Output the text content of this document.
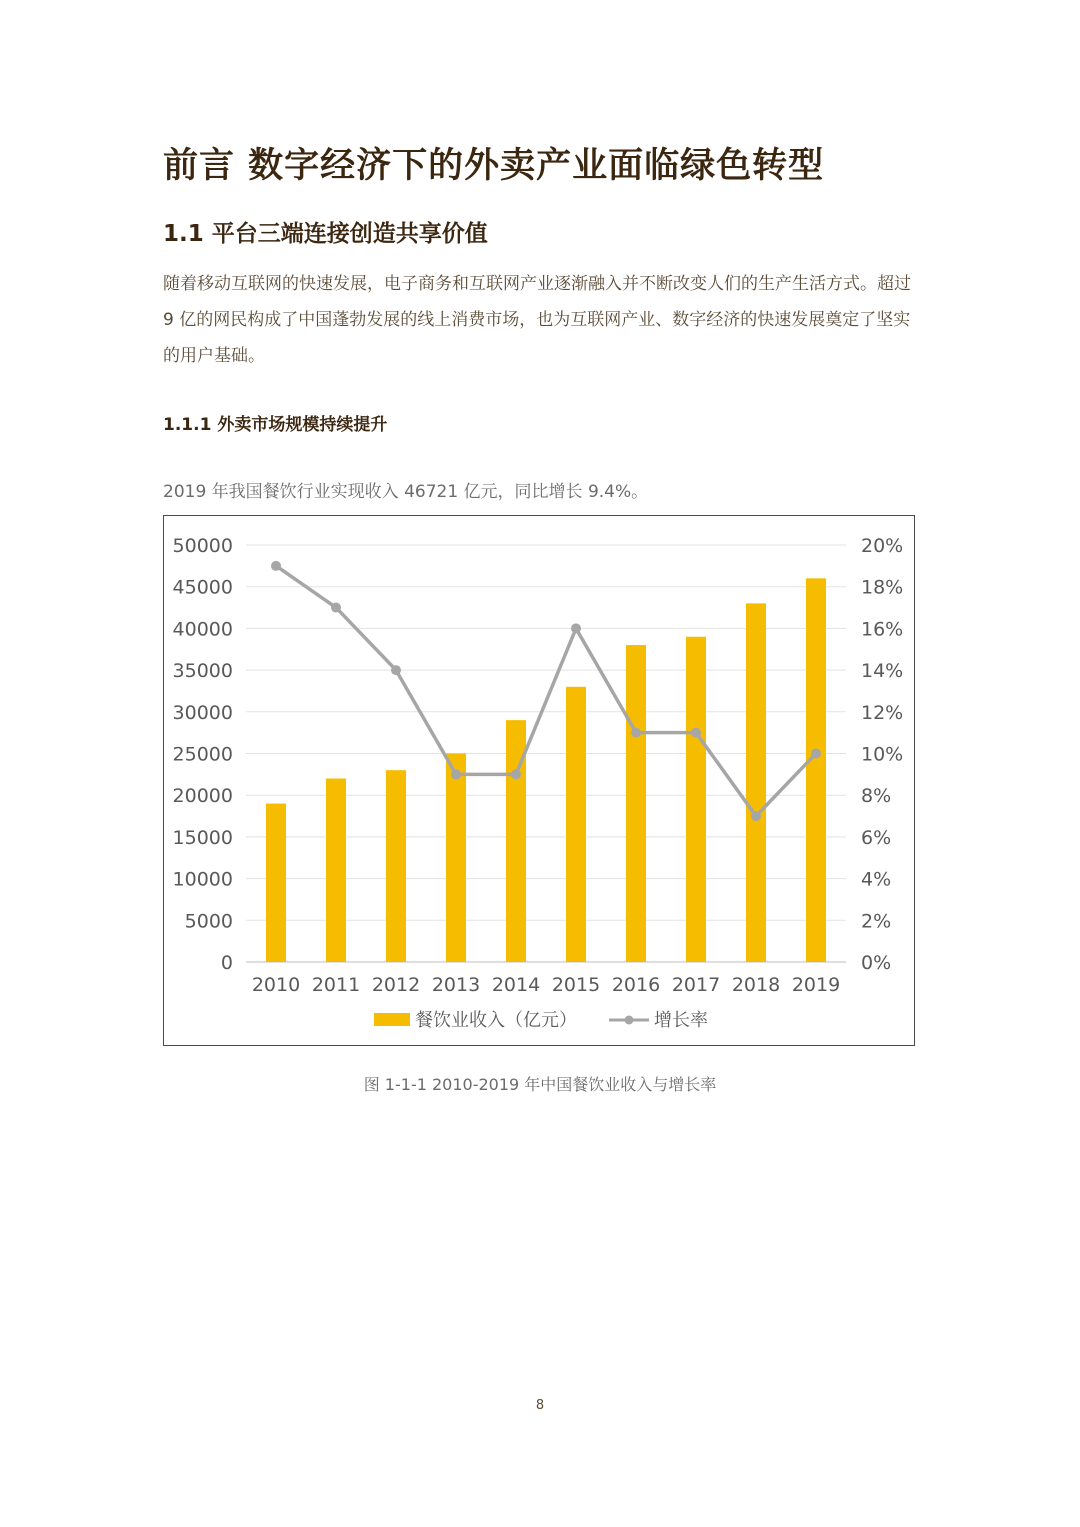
前言 数字经济下的外卖产业面临绿色转型
1.1 平台三端连接创造共享价值
随着移动互联网的快速发展，电子商务和互联网产业逐渐融入并不断改变人们的生产生活方式。超过 9 亿的网民构成了中国蓬勃发展的线上消费市场，也为互联网产业、数字经济的快速发展奠定了坚实的用户基础。
1.1.1 外卖市场规模持续提升
2019 年我国餐饮行业实现收入 46721 亿元，同比增长 9.4%。
0	0%
5000	2%
10000	4%
15000	6%
20000	8%
25000	10%
30000	12%
35000	14%
40000	16%
45000	18%
50000	20%
2010 2011 2012 2013 2014 2015 2016 2017 2018 2019
餐饮业收入（亿元）	增长率
图 1-1-1 2010-2019 年中国餐饮业收入与增长率
8
